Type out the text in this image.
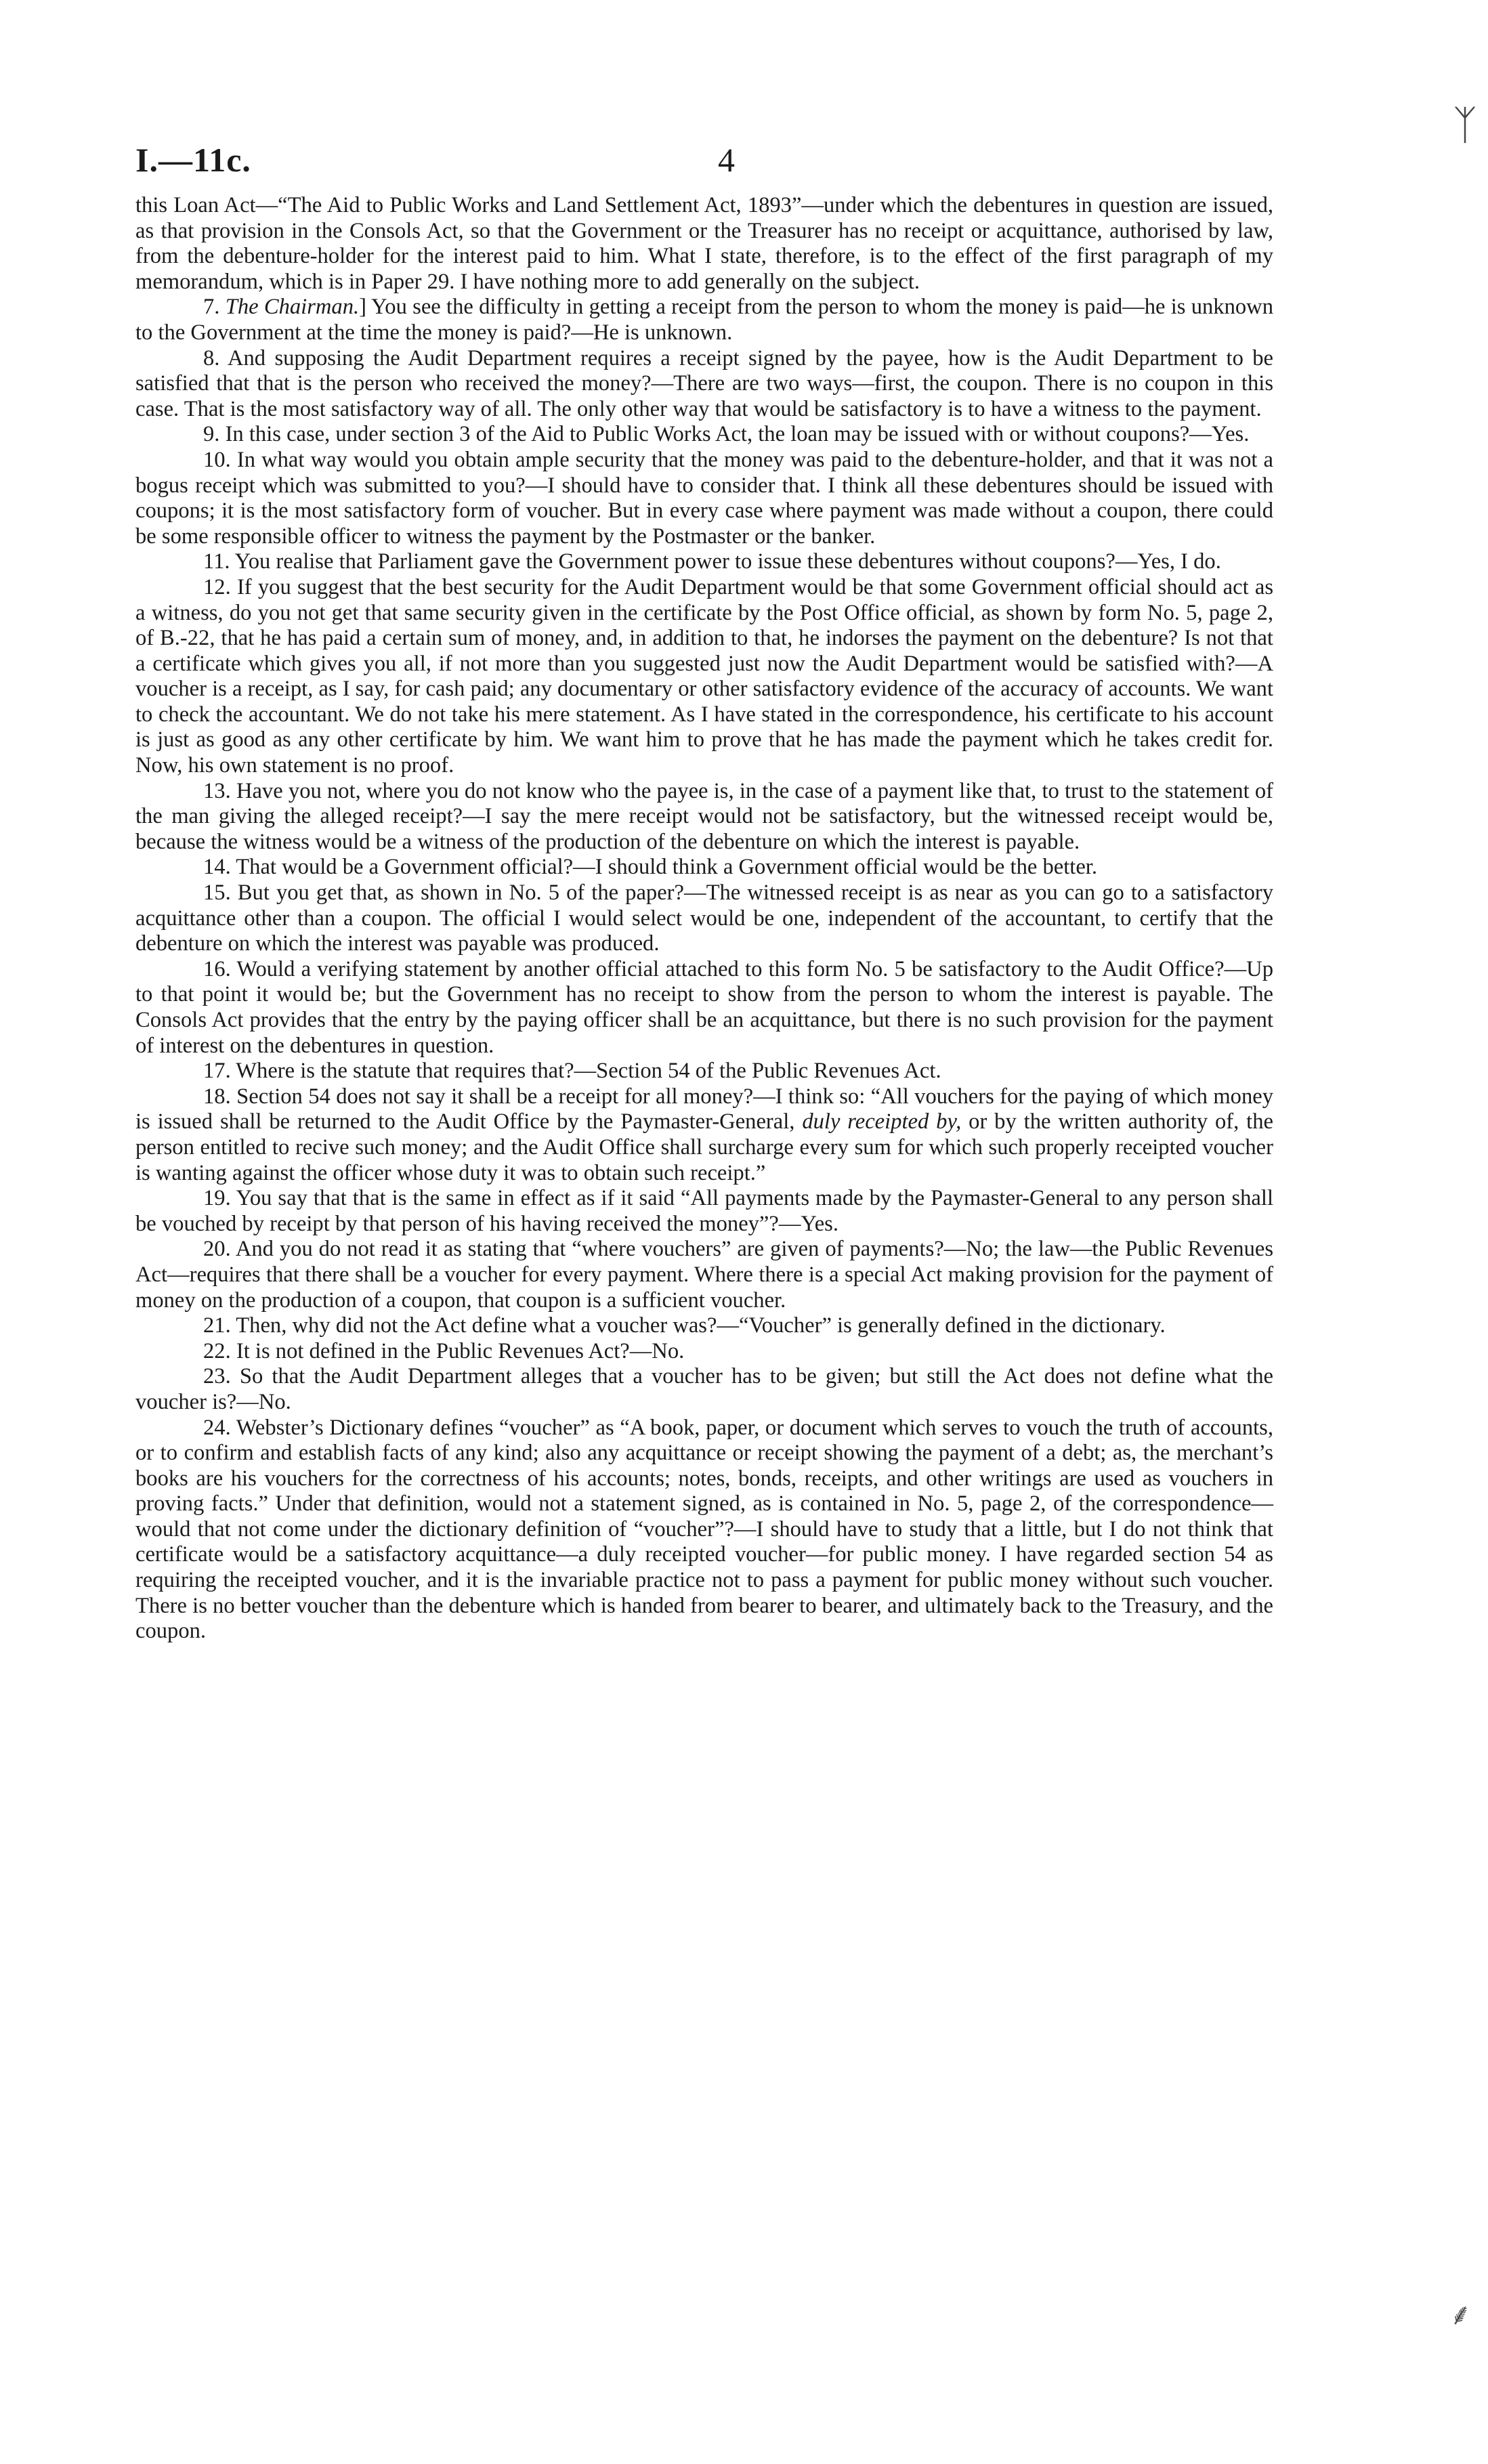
ᛉ
I.—11c.	4

this Loan Act—“The Aid to Public Works and Land Settlement Act, 1893”—under which the debentures in question are issued, as that provision in the Consols Act, so that the Government or the Treasurer has no receipt or acquittance, authorised by law, from the debenture-holder for the interest paid to him. What I state, therefore, is to the effect of the first paragraph of my memorandum, which is in Paper 29. I have nothing more to add generally on the subject.

7. The Chairman.] You see the difficulty in getting a receipt from the person to whom the money is paid—he is unknown to the Government at the time the money is paid?—He is unknown.

8. And supposing the Audit Department requires a receipt signed by the payee, how is the Audit Department to be satisfied that that is the person who received the money?—There are two ways—first, the coupon. There is no coupon in this case. That is the most satisfactory way of all. The only other way that would be satisfactory is to have a witness to the payment.

9. In this case, under section 3 of the Aid to Public Works Act, the loan may be issued with or without coupons?—Yes.

10. In what way would you obtain ample security that the money was paid to the debenture-holder, and that it was not a bogus receipt which was submitted to you?—I should have to consider that. I think all these debentures should be issued with coupons; it is the most satisfactory form of voucher. But in every case where payment was made without a coupon, there could be some responsible officer to witness the payment by the Postmaster or the banker.

11. You realise that Parliament gave the Government power to issue these debentures without coupons?—Yes, I do.

12. If you suggest that the best security for the Audit Department would be that some Government official should act as a witness, do you not get that same security given in the certificate by the Post Office official, as shown by form No. 5, page 2, of B.-22, that he has paid a certain sum of money, and, in addition to that, he indorses the payment on the debenture? Is not that a certificate which gives you all, if not more than you suggested just now the Audit Department would be satisfied with?—A voucher is a receipt, as I say, for cash paid; any documentary or other satisfactory evidence of the accuracy of accounts. We want to check the accountant. We do not take his mere statement. As I have stated in the correspondence, his certificate to his account is just as good as any other certificate by him. We want him to prove that he has made the payment which he takes credit for. Now, his own statement is no proof.

13. Have you not, where you do not know who the payee is, in the case of a payment like that, to trust to the statement of the man giving the alleged receipt?—I say the mere receipt would not be satisfactory, but the witnessed receipt would be, because the witness would be a witness of the production of the debenture on which the interest is payable.

14. That would be a Government official?—I should think a Government official would be the better.

15. But you get that, as shown in No. 5 of the paper?—The witnessed receipt is as near as you can go to a satisfactory acquittance other than a coupon. The official I would select would be one, independent of the accountant, to certify that the debenture on which the interest was payable was produced.

16. Would a verifying statement by another official attached to this form No. 5 be satisfactory to the Audit Office?—Up to that point it would be; but the Government has no receipt to show from the person to whom the interest is payable. The Consols Act provides that the entry by the paying officer shall be an acquittance, but there is no such provision for the payment of interest on the debentures in question.

17. Where is the statute that requires that?—Section 54 of the Public Revenues Act.

18. Section 54 does not say it shall be a receipt for all money?—I think so: “All vouchers for the paying of which money is issued shall be returned to the Audit Office by the Paymaster-General, duly receipted by, or by the written authority of, the person entitled to recive such money; and the Audit Office shall surcharge every sum for which such properly receipted voucher is wanting against the officer whose duty it was to obtain such receipt.”

19. You say that that is the same in effect as if it said “All payments made by the Paymaster-General to any person shall be vouched by receipt by that person of his having received the money”?—Yes.

20. And you do not read it as stating that “where vouchers” are given of payments?—No; the law—the Public Revenues Act—requires that there shall be a voucher for every payment. Where there is a special Act making provision for the payment of money on the production of a coupon, that coupon is a sufficient voucher.

21. Then, why did not the Act define what a voucher was?—“Voucher” is generally defined in the dictionary.

22. It is not defined in the Public Revenues Act?—No.

23. So that the Audit Department alleges that a voucher has to be given; but still the Act does not define what the voucher is?—No.

24. Webster’s Dictionary defines “voucher” as “A book, paper, or document which serves to vouch the truth of accounts, or to confirm and establish facts of any kind; also any acquittance or receipt showing the payment of a debt; as, the merchant’s books are his vouchers for the correctness of his accounts; notes, bonds, receipts, and other writings are used as vouchers in proving facts.” Under that definition, would not a statement signed, as is contained in No. 5, page 2, of the correspondence—would that not come under the dictionary definition of “voucher”?—I should have to study that a little, but I do not think that certificate would be a satisfactory acquittance—a duly receipted voucher—for public money. I have regarded section 54 as requiring the receipted voucher, and it is the invariable practice not to pass a payment for public money without such voucher. There is no better voucher than the debenture which is handed from bearer to bearer, and ultimately back to the Treasury, and the coupon.

⸙
